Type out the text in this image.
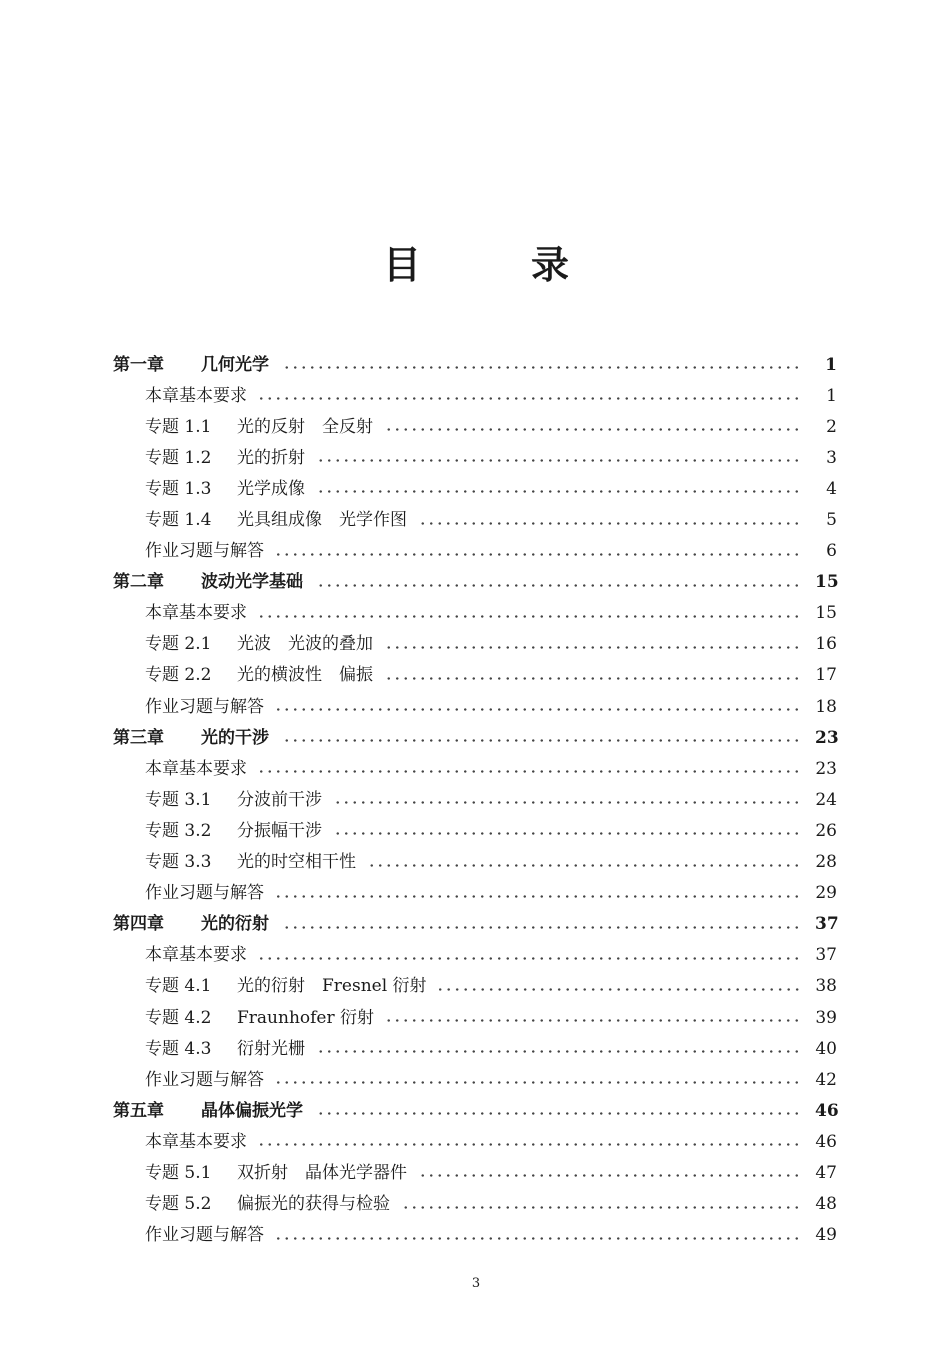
目　录
第一章	几何光学	1
本章基本要求	1
专题 1.1	光的反射　全反射	2
专题 1.2	光的折射	3
专题 1.3	光学成像	4
专题 1.4	光具组成像　光学作图	5
作业习题与解答	6
第二章	波动光学基础	15
本章基本要求	15
专题 2.1	光波　光波的叠加	16
专题 2.2	光的横波性　偏振	17
作业习题与解答	18
第三章	光的干涉	23
本章基本要求	23
专题 3.1	分波前干涉	24
专题 3.2	分振幅干涉	26
专题 3.3	光的时空相干性	28
作业习题与解答	29
第四章	光的衍射	37
本章基本要求	37
专题 4.1	光的衍射　Fresnel 衍射	38
专题 4.2	Fraunhofer 衍射	39
专题 4.3	衍射光栅	40
作业习题与解答	42
第五章	晶体偏振光学	46
本章基本要求	46
专题 5.1	双折射　晶体光学器件	47
专题 5.2	偏振光的获得与检验	48
作业习题与解答	49
3
